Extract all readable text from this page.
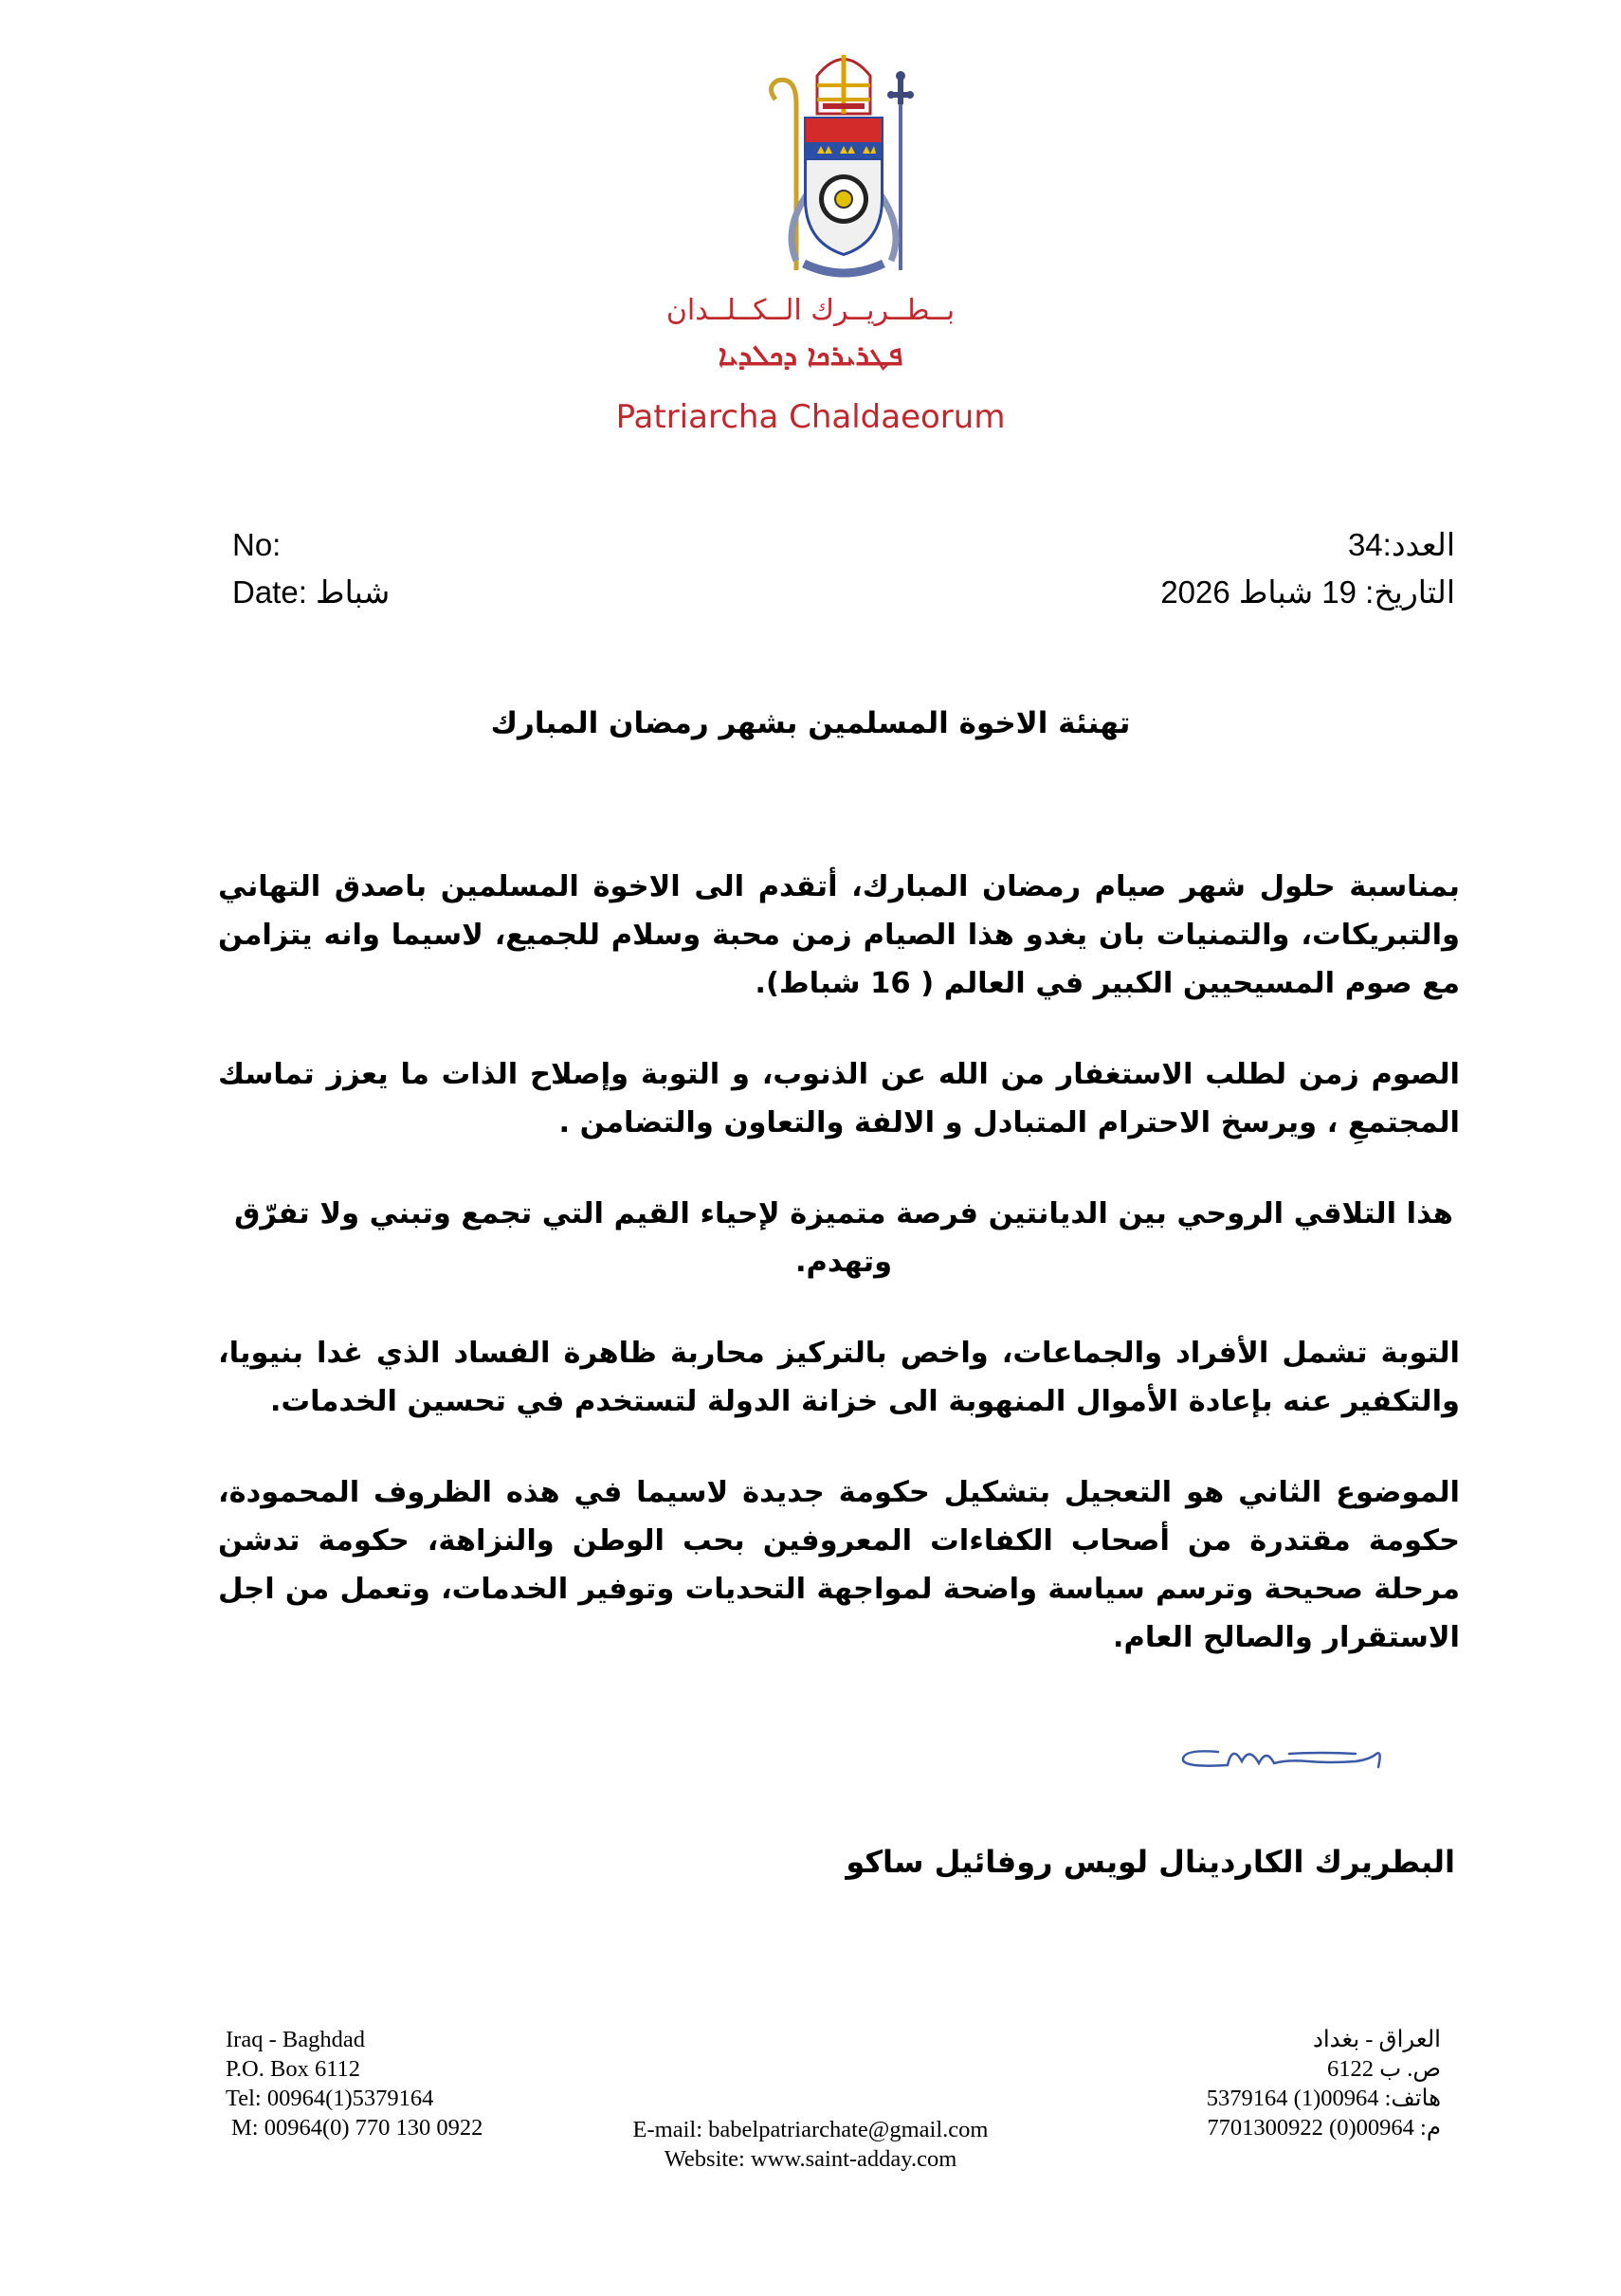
بــطــريــرك الــكــلــدان
ܦܛܪܝܪܟܐ ܕܟܠܕܝܐ
Patriarcha Chaldaeorum
No:
Date: شباط
العدد:34
التاريخ: 19 شباط 2026
تهنئة الاخوة المسلمين بشهر رمضان المبارك

بمناسبة حلول شهر صيام رمضان المبارك، أتقدم الى الاخوة المسلمين باصدق التهاني والتبريكات، والتمنيات بان يغدو هذا الصيام زمن محبة وسلام للجميع، لاسيما وانه يتزامن مع صوم المسيحيين الكبير في العالم ( 16 شباط).

الصوم زمن لطلب الاستغفار من الله عن الذنوب، و التوبة وإصلاح الذات ما يعزز تماسك المجتمعِ ، ويرسخ الاحترام المتبادل و الالفة والتعاون والتضامن .

هذا التلاقي الروحي بين الديانتين فرصة متميزة لإحياء القيم التي تجمع وتبني ولا تفرّق وتهدم.

التوبة تشمل الأفراد والجماعات، واخص بالتركيز محاربة ظاهرة الفساد الذي غدا بنيويا، والتكفير عنه بإعادة الأموال المنهوبة الى خزانة الدولة لتستخدم في تحسين الخدمات.

الموضوع الثاني هو التعجيل بتشكيل حكومة جديدة لاسيما في هذه الظروف المحمودة، حكومة مقتدرة من أصحاب الكفاءات المعروفين بحب الوطن والنزاهة، حكومة تدشن مرحلة صحيحة وترسم سياسة واضحة لمواجهة التحديات وتوفير الخدمات، وتعمل من اجل الاستقرار والصالح العام.

البطريرك الكاردينال لويس روفائيل ساكو
Iraq - Baghdad
P.O. Box 6112
Tel: 00964(1)5379164
M: 00964(0) 770 130 0922
العراق - بغداد
ص. ب 6122
هاتف: 00964(1) 5379164
م: 00964(0) 7701300922
E-mail: babelpatriarchate@gmail.com
Website: www.saint-adday.com
